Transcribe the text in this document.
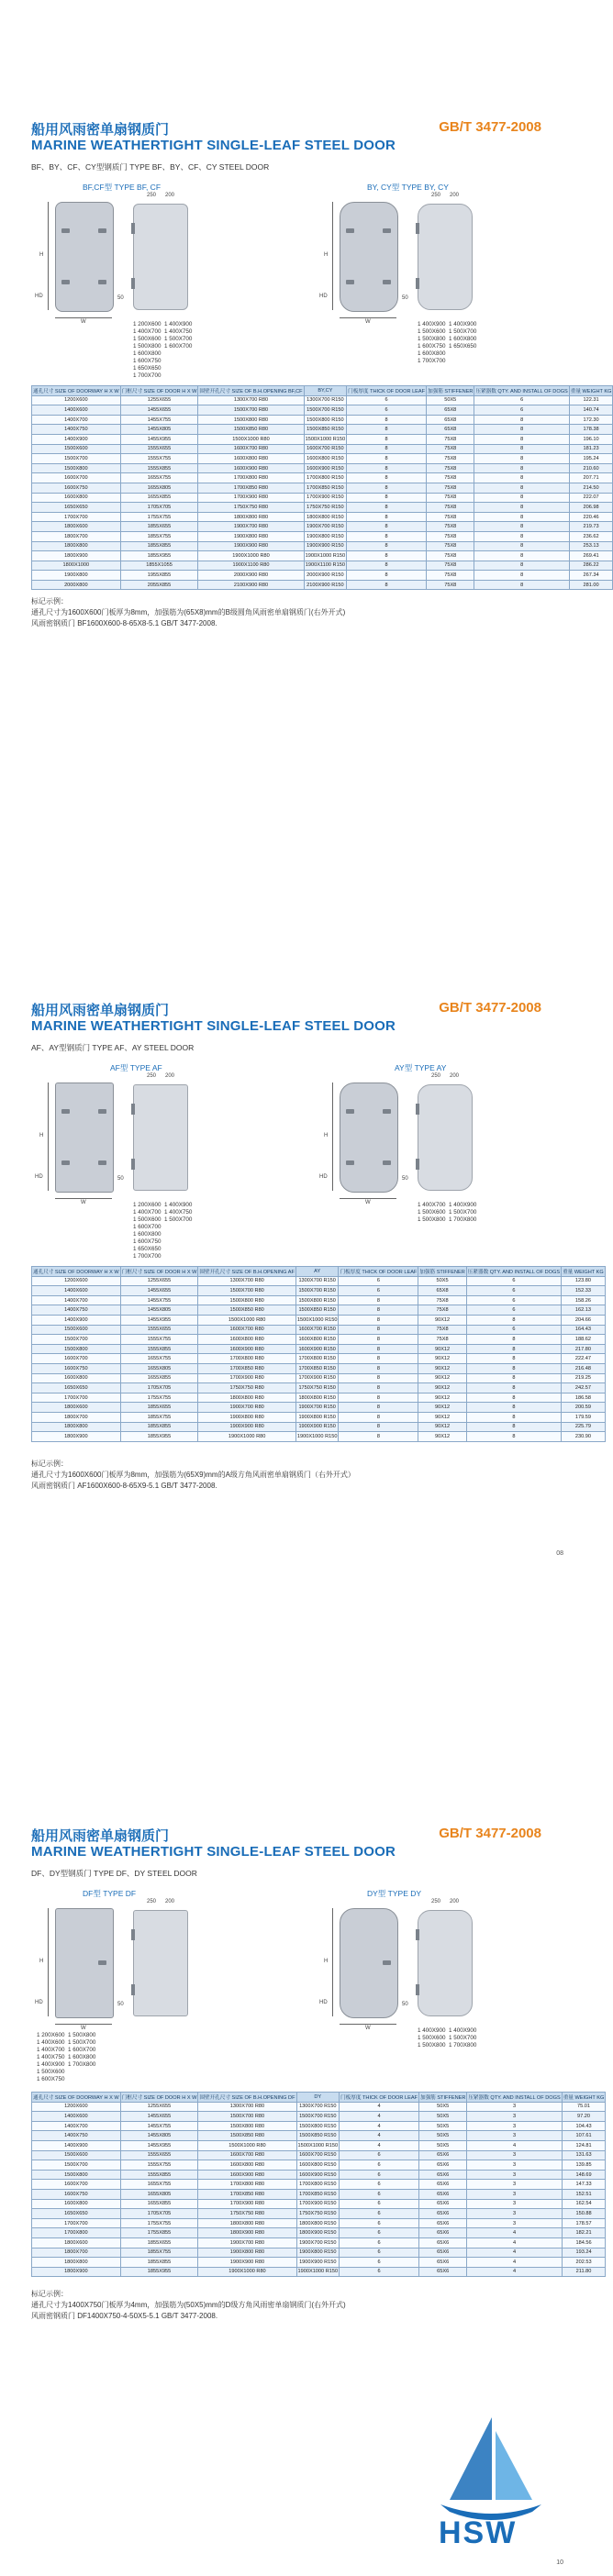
船用风雨密单扇钢质门
MARINE WEATHERTIGHT SINGLE-LEAF STEEL DOOR
GB/T 3477-2008
BF、BY、CF、CY型钢质门 TYPE BF、BY、CF、CY STEEL DOOR
BF,CF型 TYPE BF, CF	BY, CY型 TYPE BY, CY
250 200
H
W
HD	50
250 200
H
W
HD	50
1 200X600  1 400X900
1 400X700  1 400X750
1 500X600  1 500X700
1 500X800  1 600X700
1 600X800
1 600X750
1 650X650
1 700X700
1 400X900  1 400X900
1 500X600  1 500X700
1 500X800  1 600X800
1 600X750  1 650X650
1 600X800
1 700X700
通孔尺寸 SIZE OF DOORWAY H X W	门框尺寸 SIZE OF DOOR H X W	围壁开孔尺寸 SIZE OF B.H.OPENING BF,CF	BY,CY	门板厚度 THICK OF DOOR LEAF	加强筋 STIFFENER	压紧器数 QTY. AND INSTALL OF DOGS	重量 WEIGHT KG
1200X600	1255X655	1300X700 R80	1300X700 R150	6	50X5	6	122.31
1400X600	1455X655	1500X700 R80	1500X700 R150	6	65X8	6	140.74
1400X700	1455X755	1500X800 R80	1500X800 R150	8	65X8	8	172.30
1400X750	1455X805	1500X850 R80	1500X850 R150	8	65X8	8	178.38
1400X900	1455X955	1500X1000 R80	1500X1000 R150	8	75X8	8	196.10
1500X600	1555X655	1600X700 R80	1600X700 R150	8	75X8	8	181.23
1500X700	1555X755	1600X800 R80	1600X800 R150	8	75X8	8	195.24
1500X800	1555X855	1600X900 R80	1600X900 R150	8	75X8	8	210.60
1600X700	1655X755	1700X800 R80	1700X800 R150	8	75X8	8	207.71
1600X750	1655X805	1700X850 R80	1700X850 R150	8	75X8	8	214.50
1600X800	1655X855	1700X900 R80	1700X900 R150	8	75X8	8	222.07
1650X650	1705X705	1750X750 R80	1750X750 R150	8	75X8	8	206.98
1700X700	1755X755	1800X800 R80	1800X800 R150	8	75X8	8	220.46
1800X600	1855X655	1900X700 R80	1900X700 R150	8	75X8	8	219.73
1800X700	1855X755	1900X800 R80	1900X800 R150	8	75X8	8	236.62
1800X800	1855X855	1900X900 R80	1900X900 R150	8	75X8	8	253.13
1800X900	1855X955	1900X1000 R80	1900X1000 R150	8	75X8	8	269.41
1800X1000	1855X1055	1900X1100 R80	1900X1100 R150	8	75X8	8	286.22
1900X800	1955X855	2000X900 R80	2000X900 R150	8	75X8	8	267.34
2000X800	2055X855	2100X900 R80	2100X900 R150	8	75X8	8	281.00
标记示例：
通孔尺寸为1600X600门板厚为8mm，加强筋为(65X8)mm的B级圆角风雨密单扇钢质门(右外开式)
风雨密钢质门 BF1600X600-8-65X8-5.1 GB/T 3477-2008.
船用风雨密单扇钢质门
MARINE WEATHERTIGHT SINGLE-LEAF STEEL DOOR
GB/T 3477-2008
AF、AY型钢质门 TYPE AF、AY STEEL DOOR
AF型 TYPE AF	AY型 TYPE AY
250 200
H
W
HD	50
250 200
H
W
HD	50
1 200X600  1 400X900
1 400X700  1 400X750
1 500X600  1 500X700
1 600X700
1 600X800
1 600X750
1 650X650
1 700X700
1 400X700  1 400X900
1 500X600  1 500X700
1 500X800  1 700X800
通孔尺寸 SIZE OF DOORWAY H X W	门框尺寸 SIZE OF DOOR H X W	围壁开孔尺寸 SIZE OF B.H.OPENING AF	AY	门板厚度 THICK OF DOOR LEAF	加强筋 STIFFENER	压紧器数 QTY. AND INSTALL OF DOGS	重量 WEIGHT KG
1200X600	1255X655	1300X700 R80	1300X700 R150	6	50X5	6	123.80
1400X600	1455X655	1500X700 R80	1500X700 R150	6	65X8	6	152.33
1400X700	1455X755	1500X800 R80	1500X800 R150	8	75X8	6	158.26
1400X750	1455X805	1500X850 R80	1500X850 R150	8	75X8	6	162.13
1400X900	1455X955	1500X1000 R80	1500X1000 R150	8	90X12	8	204.66
1500X600	1555X655	1600X700 R80	1600X700 R150	8	75X8	6	164.43
1500X700	1555X755	1600X800 R80	1600X800 R150	8	75X8	8	188.62
1500X800	1555X855	1600X900 R80	1600X900 R150	8	90X12	8	217.80
1600X700	1655X755	1700X800 R80	1700X800 R150	8	90X12	8	222.47
1600X750	1655X805	1700X850 R80	1700X850 R150	8	90X12	8	216.48
1600X800	1655X855	1700X900 R80	1700X900 R150	8	90X12	8	219.25
1650X650	1705X705	1750X750 R80	1750X750 R150	8	90X12	8	242.57
1700X700	1755X755	1800X800 R80	1800X800 R150	8	90X12	8	186.58
1800X600	1855X655	1900X700 R80	1900X700 R150	8	90X12	8	200.59
1800X700	1855X755	1900X800 R80	1900X800 R150	8	90X12	8	179.59
1800X800	1855X855	1900X900 R80	1900X900 R150	8	90X12	8	225.79
1800X900	1855X955	1900X1000 R80	1900X1000 R150	8	90X12	8	230.90
标记示例：
通孔尺寸为1600X600门板厚为8mm，加强筋为(65X9)mm的A级方角风雨密单扇钢质门（右外开式）
风雨密钢质门 AF1600X600-8-65X9-5.1 GB/T 3477-2008.
08
船用风雨密单扇钢质门
MARINE WEATHERTIGHT SINGLE-LEAF STEEL DOOR
GB/T 3477-2008
DF、DY型钢质门 TYPE DF、DY STEEL DOOR
DF型 TYPE DF	DY型 TYPE DY
250 200
H
W
HD	50
250 200
H
W
HD	50
1 200X600  1 500X800
1 400X600  1 500X700
1 400X700  1 600X700
1 400X750  1 600X800
1 400X900  1 700X800
1 500X600
1 600X750
1 400X900  1 400X900
1 500X600  1 500X700
1 500X800  1 700X800
通孔尺寸 SIZE OF DOORWAY H X W	门框尺寸 SIZE OF DOOR H X W	围壁开孔尺寸 SIZE OF B.H.OPENING DF	DY	门板厚度 THICK OF DOOR LEAF	加强筋 STIFFENER	压紧器数 QTY. AND INSTALL OF DOGS	重量 WEIGHT KG
1200X600	1255X655	1300X700 R80	1300X700 R150	4	50X5	3	75.01
1400X600	1455X655	1500X700 R80	1500X700 R150	4	50X5	3	97.20
1400X700	1455X755	1500X800 R80	1500X800 R150	4	50X5	3	104.43
1400X750	1455X805	1500X850 R80	1500X850 R150	4	50X5	3	107.61
1400X900	1455X955	1500X1000 R80	1500X1000 R150	4	50X5	4	124.81
1500X600	1555X655	1600X700 R80	1600X700 R150	6	65X6	3	131.63
1500X700	1555X755	1600X800 R80	1600X800 R150	6	65X6	3	139.85
1500X800	1555X855	1600X900 R80	1600X900 R150	6	65X6	3	148.69
1600X700	1655X755	1700X800 R80	1700X800 R150	6	65X6	3	147.33
1600X750	1655X805	1700X850 R80	1700X850 R150	6	65X6	3	152.51
1600X800	1655X855	1700X900 R80	1700X900 R150	6	65X6	3	162.54
1650X650	1705X705	1750X750 R80	1750X750 R150	6	65X6	3	150.88
1700X700	1755X755	1800X800 R80	1800X800 R150	6	65X6	3	178.57
1700X800	1755X855	1800X900 R80	1800X900 R150	6	65X6	4	182.21
1800X600	1855X655	1900X700 R80	1900X700 R150	6	65X6	4	184.56
1800X700	1855X755	1900X800 R80	1900X800 R150	6	65X6	4	193.24
1800X800	1855X855	1900X900 R80	1900X900 R150	6	65X6	4	202.53
1800X900	1855X955	1900X1000 R80	1900X1000 R150	6	65X6	4	211.80
标记示例：
通孔尺寸为1400X750门板厚为4mm，加强筋为(50X5)mm的D级方角风雨密单扇钢质门(右外开式)
风雨密钢质门 DF1400X750-4-50X5-5.1 GB/T 3477-2008.
10
HSW
